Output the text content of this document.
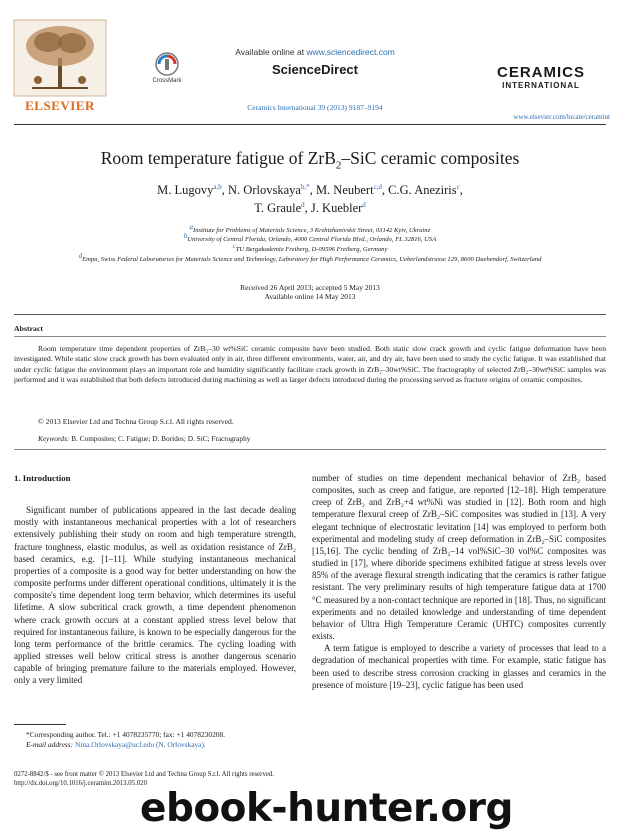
ELSEVIER
CrossMark
Available online at www.sciencedirect.com
ScienceDirect
Ceramics International 39 (2013) 9187–9194
CERAMICS
INTERNATIONAL
www.elsevier.com/locate/ceramint
Room temperature fatigue of ZrB$_2$–SiC ceramic composites
M. Lugovy$^{a,b}$, N. Orlovskaya$^{b,*}$, M. Neubert$^{c,d}$, C.G. Aneziris$^c$,
T. Graule$^d$, J. Kuebler$^d$
$^a$Institute for Problems of Materials Science, 3 Krzhizhanivskii Street, 03142 Kyiv, Ukraine
$^b$University of Central Florida, Orlando, 4000 Central Florida Blvd., Orlando, FL 32816, USA
$^c$TU Bergakademie Freiberg, D-09596 Freiberg, Germany
$^d$Empa, Swiss Federal Laboratories for Materials Science and Technology, Laboratory for High Performance Ceramics, Ueberlandstrasse 129, 8600 Duebendorf, Switzerland
Received 26 April 2013; accepted 5 May 2013
Available online 14 May 2013
Abstract
Room temperature time dependent properties of ZrB₂–30 wt%SiC ceramic composite have been studied. Both static slow crack growth and cyclic fatigue deformation have been investigated. While static slow crack growth has been evaluated only in air, three different environments, water, air, and dry air, have been used to study the cyclic fatigue. It was established that under cyclic fatigue the environment plays an important role and humidity significantly facilitate crack growth in ZrB₂–30wt%SiC. The fractography of selected ZrB₂–30wt%SiC samples was performed and it was established that both defects introduced during machining as well as larger defects introduced during the processing served as fracture origins of ceramic composites.
© 2013 Elsevier Ltd and Techna Group S.r.l. All rights reserved.
Keywords: B. Composites; C. Fatigue; D. Borides; D. SiC; Fractography
1. Introduction

Significant number of publications appeared in the last decade dealing mostly with instantaneous mechanical properties with a lot of researchers extensively publishing their study on room and high temperature strength, fracture toughness, elastic modulus, as well as oxidation resistance of ZrB₂ based ceramics, e.g. [1–11]. While studying instantaneous mechanical properties of a composite is a good way for better understanding on how the composite performs under different operational conditions, ultimately it is the composite's time dependent long term behavior, which determines its useful lifetime. A slow subcritical crack growth, a time dependent phenomenon where crack growth occurs at a constant applied stress level below that required for instantaneous failure, is known to be especially dangerous for the long term performance of the brittle ceramics. The cycling loading with applied stresses well below critical stress is another dangerous scenario capable of bringing premature failure to the materials employed. However, only a very limited

number of studies on time dependent mechanical behavior of ZrB₂ based composites, such as creep and fatigue, are reported [12–18]. High temperature creep of ZrB₂ and ZrB₂+4 wt%Ni was studied in [12]. Both room and high temperature flexural creep of ZrB₂–SiC composites was studied in [13]. A very elegant technique of electrostatic levitation [14] was employed to perform both experimental and modeling study of creep deformation in ZrB₂–SiC composites [15,16]. The cyclic bending of ZrB₂–14 vol%SiC–30 vol%C composites was studied in [17], where diboride specimens exhibited fatigue at stress levels over 85% of the average flexural strength indicating that the ceramics is rather fatigue resistant. The very preliminary results of high temperature fatigue data at 1700 °C measured by a non-contact technique are reported in [18]. Thus, no significant experiments and no detailed knowledge and understanding of time dependent behavior of Ultra High Temperature Ceramic (UHTC) composites currently exists.

A term fatigue is employed to describe a variety of processes that lead to a degradation of mechanical properties with time. For example, static fatigue has been used to describe stress corrosion cracking in glasses and ceramics in the presence of moisture [19–23], cyclic fatigue has been used

*Corresponding author. Tel.: +1 4078235770; fax: +1 4078230208.
E-mail address: Nina.Orlovskaya@ucf.edu (N. Orlovskaya).
0272-8842/$ - see front matter © 2013 Elsevier Ltd and Techna Group S.r.l. All rights reserved.
http://dx.doi.org/10.1016/j.ceramint.2013.05.020
ebook-hunter.org
